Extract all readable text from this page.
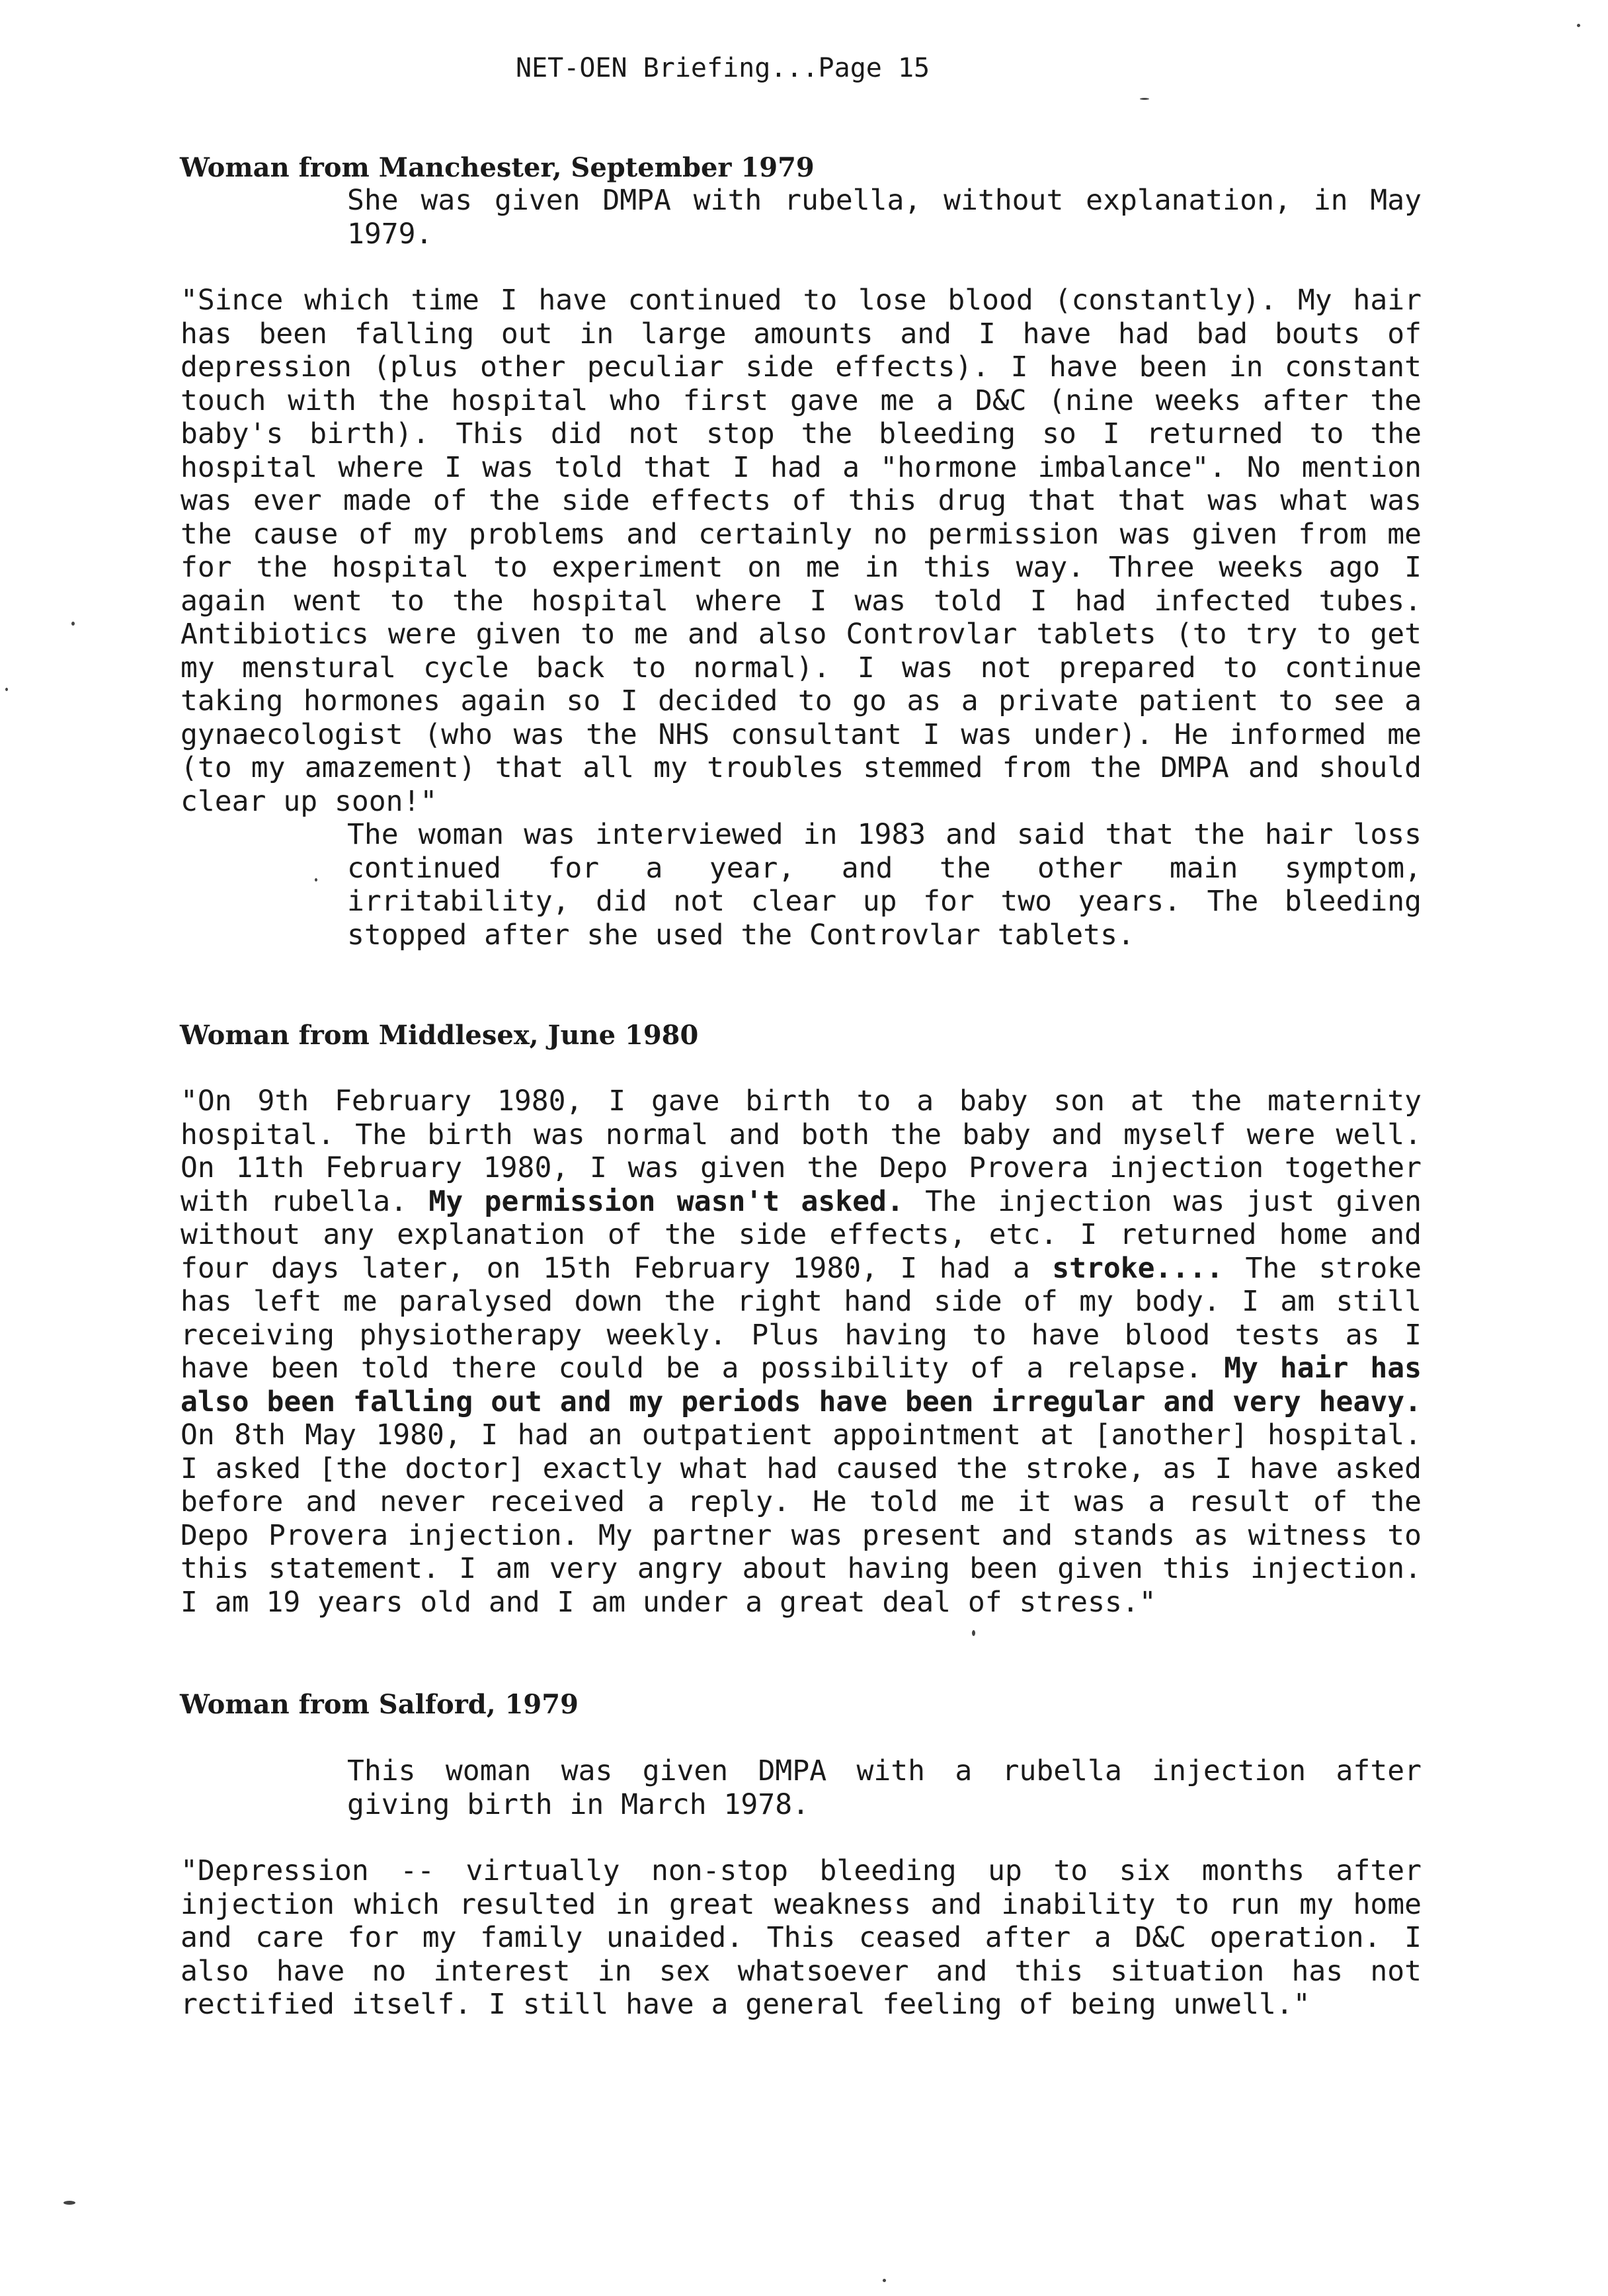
NET-OEN Briefing...Page 15
Woman from Manchester, September 1979

She was given DMPA with rubella, without explanation, in May 1979.

"Since which time I have continued to lose blood (constantly). My hair has been falling out in large amounts and I have had bad bouts of depression (plus other peculiar side effects). I have been in constant touch with the hospital who first gave me a D&C (nine weeks after the baby's birth). This did not stop the bleeding so I returned to the hospital where I was told that I had a "hormone imbalance". No mention was ever made of the side effects of this drug that that was what was the cause of my problems and certainly no permission was given from me for the hospital to experiment on me in this way. Three weeks ago I again went to the hospital where I was told I had infected tubes. Antibiotics were given to me and also Controvlar tablets (to try to get my menstural cycle back to normal). I was not prepared to continue taking hormones again so I decided to go as a private patient to see a gynaecologist (who was the NHS consultant I was under). He informed me (to my amazement) that all my troubles stemmed from the DMPA and should clear up soon!"

The woman was interviewed in 1983 and said that the hair loss continued for a year, and the other main symptom, irritability, did not clear up for two years. The bleeding stopped after she used the Controvlar tablets.

Woman from Middlesex, June 1980

"On 9th February 1980, I gave birth to a baby son at the maternity hospital. The birth was normal and both the baby and myself were well. On 11th February 1980, I was given the Depo Provera injection together with rubella. My permission wasn't asked. The injection was just given without any explanation of the side effects, etc. I returned home and four days later, on 15th February 1980, I had a stroke.... The stroke has left me paralysed down the right hand side of my body. I am still receiving physiotherapy weekly. Plus having to have blood tests as I have been told there could be a possibility of a relapse. My hair has also been falling out and my periods have been irregular and very heavy. On 8th May 1980, I had an outpatient appointment at [another] hospital. I asked [the doctor] exactly what had caused the stroke, as I have asked before and never received a reply. He told me it was a result of the Depo Provera injection. My partner was present and stands as witness to this statement. I am very angry about having been given this injection. I am 19 years old and I am under a great deal of stress."

Woman from Salford, 1979

This woman was given DMPA with a rubella injection after giving birth in March 1978.

"Depression -- virtually non-stop bleeding up to six months after injection which resulted in great weakness and inability to run my home and care for my family unaided. This ceased after a D&C operation. I also have no interest in sex whatsoever and this situation has not rectified itself. I still have a general feeling of being unwell."
